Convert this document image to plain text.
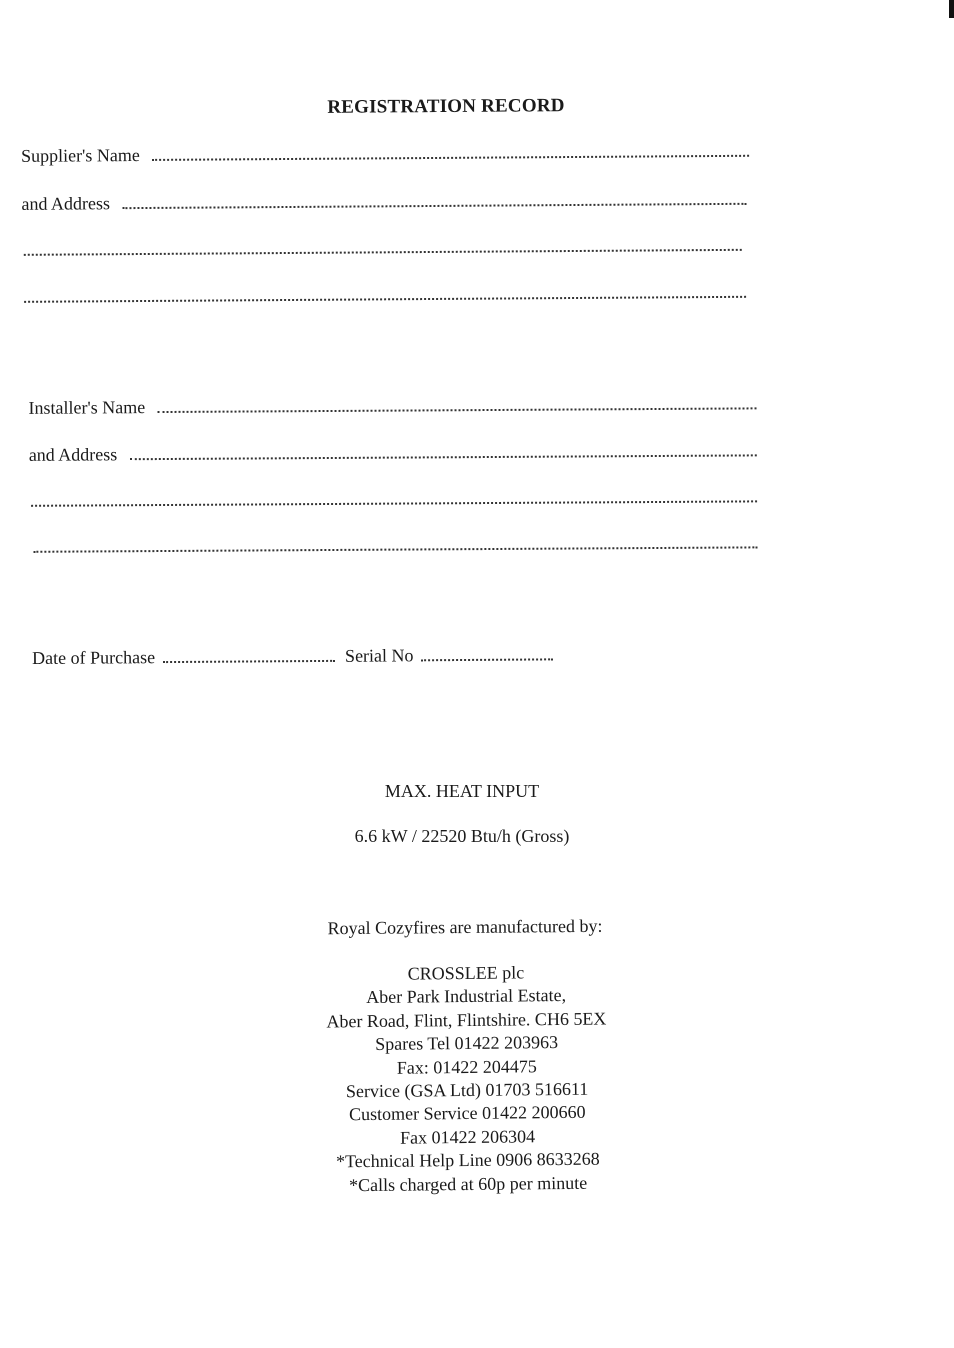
REGISTRATION RECORD
Supplier's Name
and Address
Installer's Name
and Address
Date of Purchase	Serial No
MAX. HEAT INPUT
6.6 kW / 22520 Btu/h (Gross)
Royal Cozyfires are manufactured by:
CROSSLEE plc
Aber Park Industrial Estate,
Aber Road, Flint, Flintshire. CH6 5EX
Spares Tel 01422 203963
Fax: 01422 204475
Service (GSA Ltd) 01703 516611
Customer Service 01422 200660
Fax 01422 206304
*Technical Help Line 0906 8633268
*Calls charged at 60p per minute
